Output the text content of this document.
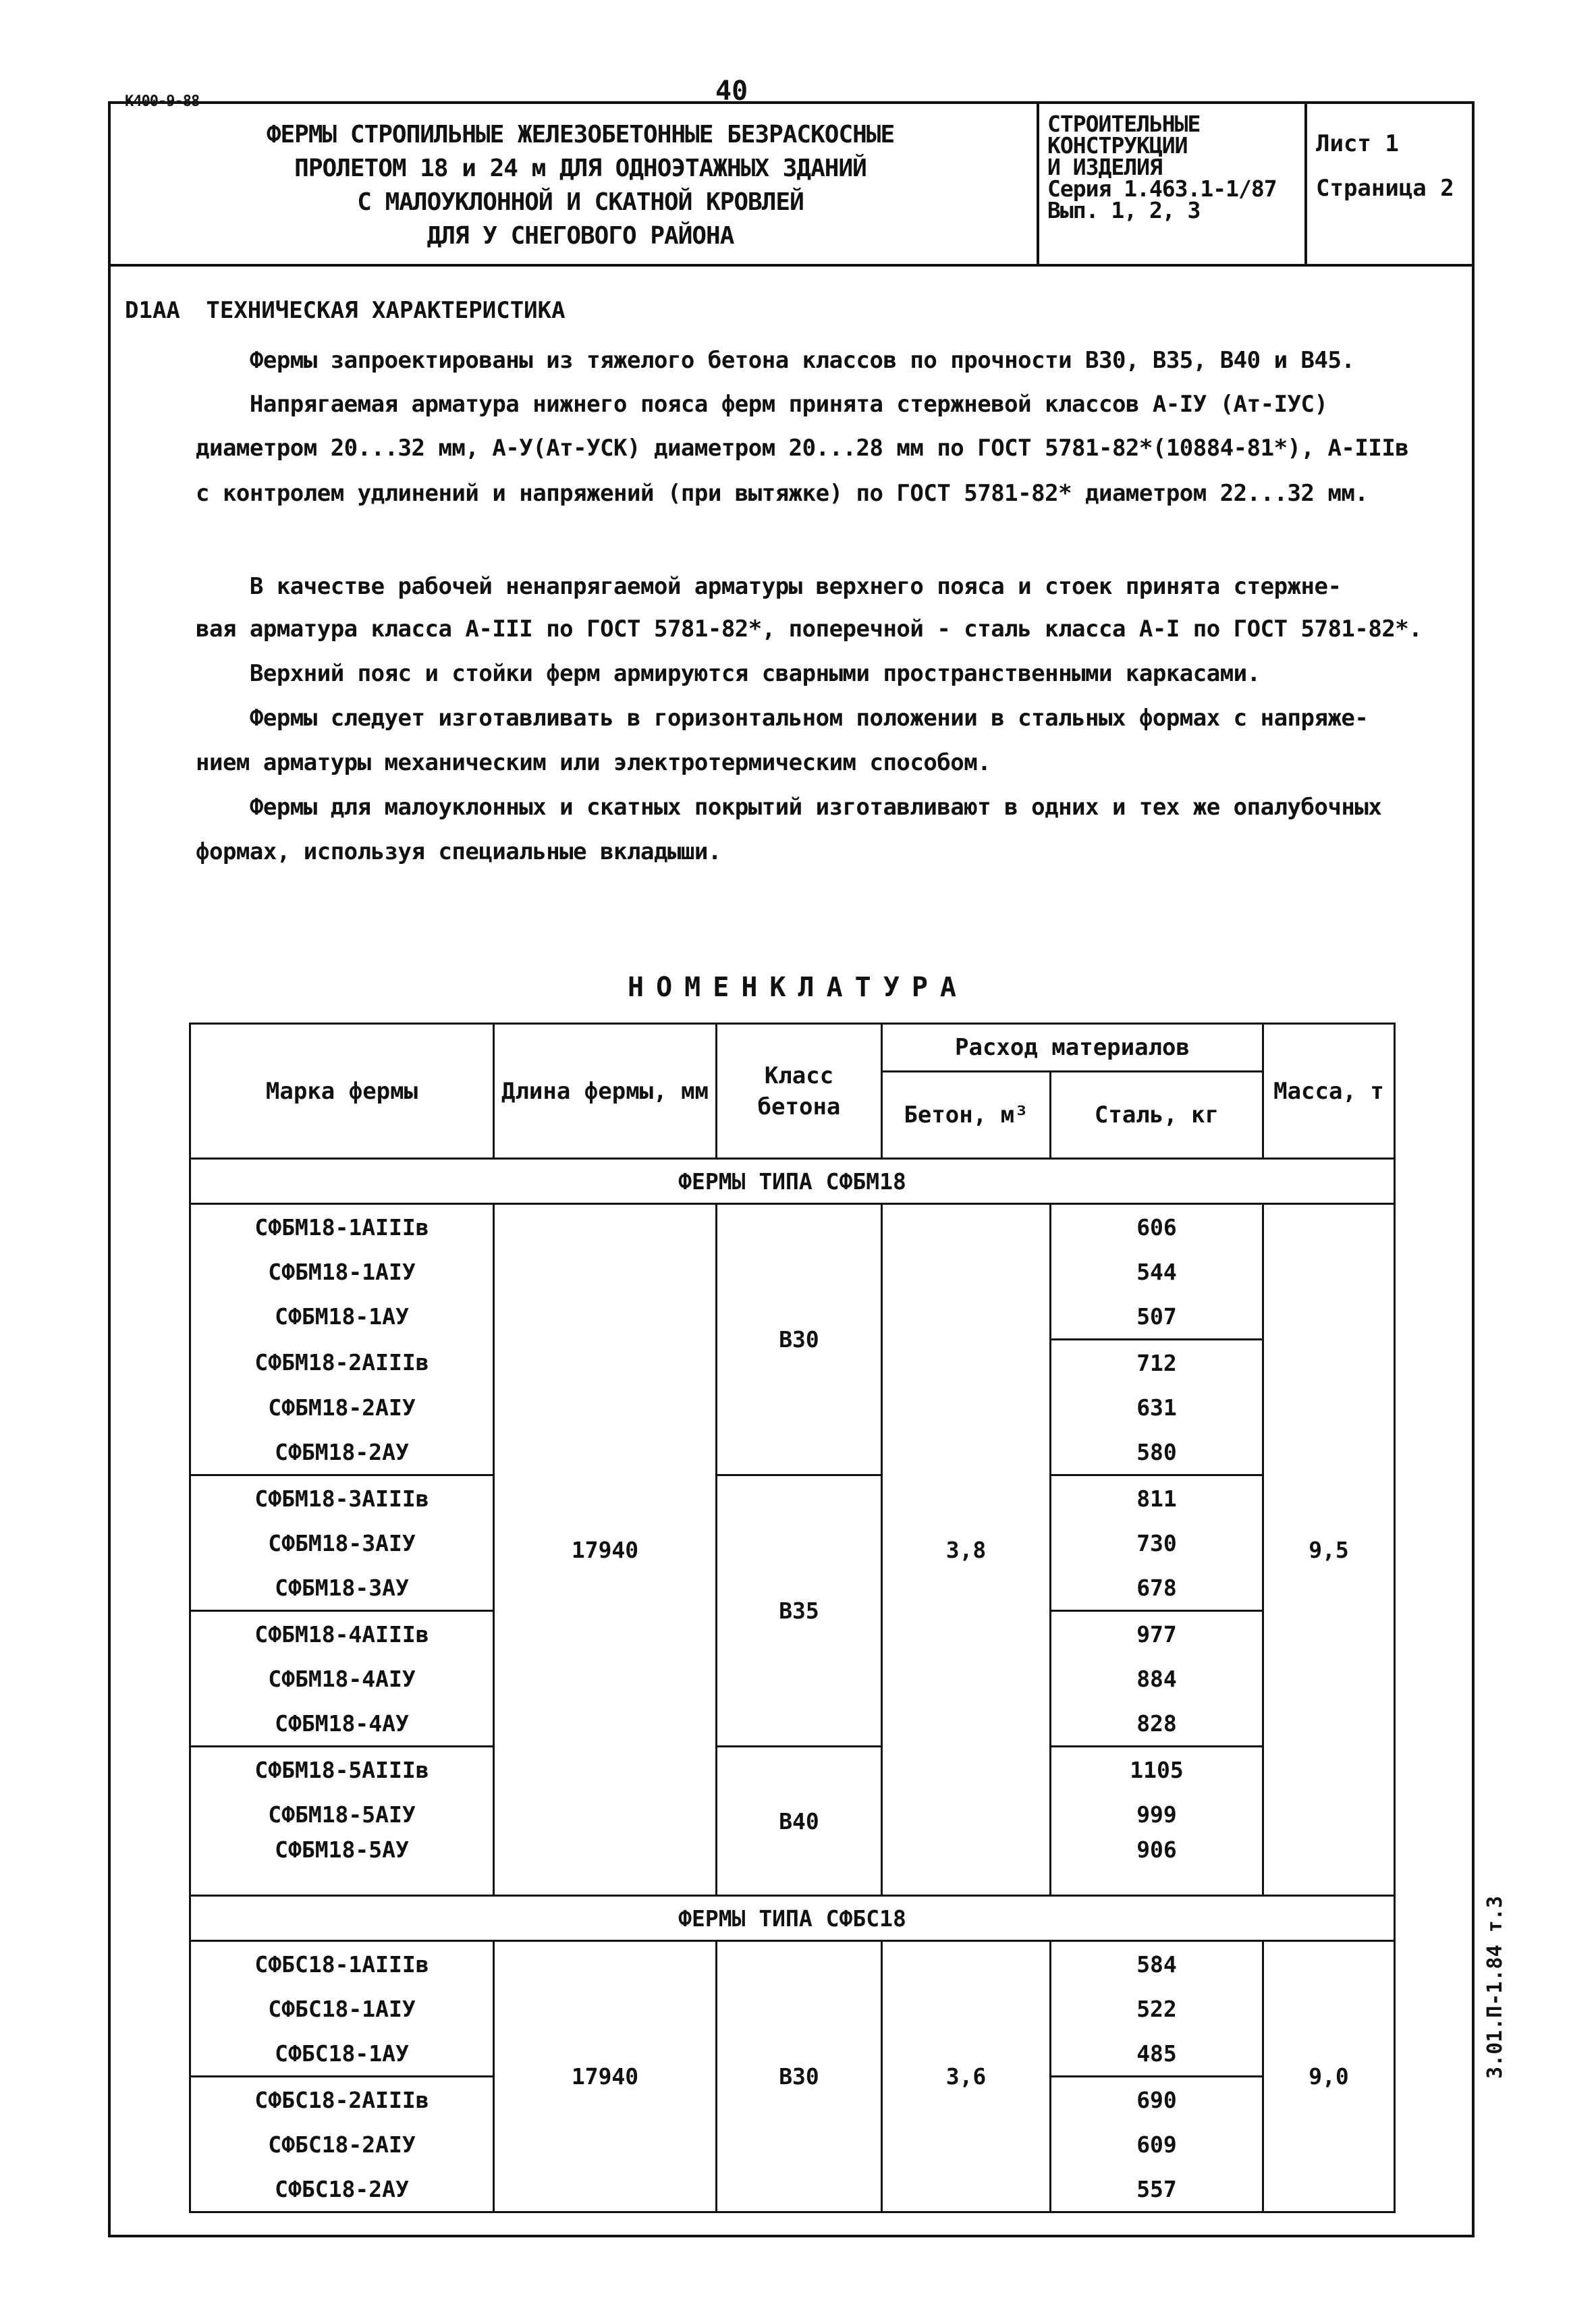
К400-9-88	40
ФЕРМЫ СТРОПИЛЬНЫЕ ЖЕЛЕЗОБЕТОННЫЕ БЕЗРАСКОСНЫЕ
ПРОЛЕТОМ 18 и 24 м ДЛЯ ОДНОЭТАЖНЫХ ЗДАНИЙ
С МАЛОУКЛОННОЙ И СКАТНОЙ КРОВЛЕЙ
ДЛЯ У СНЕГОВОГО РАЙОНА
СТРОИТЕЛЬНЫЕ
КОНСТРУКЦИИ
И ИЗДЕЛИЯ
Серия 1.463.1-1/87
Вып. 1, 2, 3
Лист 1
Страница 2
D1AA ТЕХНИЧЕСКАЯ ХАРАКТЕРИСТИКА
Фермы запроектированы из тяжелого бетона классов по прочности В30, В35, В40 и В45.
Напрягаемая арматура нижнего пояса ферм принята стержневой классов А-IУ (Ат-IУС)
диаметром 20...32 мм, А-У(Ат-УСК) диаметром 20...28 мм по ГОСТ 5781-82*(10884-81*), А-IIIв
с контролем удлинений и напряжений (при вытяжке) по ГОСТ 5781-82* диаметром 22...32 мм.
В качестве рабочей ненапрягаемой арматуры верхнего пояса и стоек принята стержне-
вая арматура класса А-III по ГОСТ 5781-82*, поперечной - сталь класса А-I по ГОСТ 5781-82*.
Верхний пояс и стойки ферм армируются сварными пространственными каркасами.
Фермы следует изготавливать в горизонтальном положении в стальных формах с напряже-
нием арматуры механическим или электротермическим способом.
Фермы для малоуклонных и скатных покрытий изготавливают в одних и тех же опалубочных
формах, используя специальные вкладыши.
НОМЕНКЛАТУРА
Марка фермы	Длина фермы, мм	Класс бетона	Расход материалов		Масса, т
			Бетон, м³	Сталь, кг	
ФЕРМЫ ТИПА СФБМ18					
СФБМ18-1АIIIв	17940	В30	3,8	606	9,5
СФБМ18-1АIУ				544	
СФБМ18-1АУ				507	
СФБМ18-2АIIIв				712	
СФБМ18-2АIУ				631	
СФБМ18-2АУ				580	
СФБМ18-3АIIIв		В35		811	
СФБМ18-3АIУ				730	
СФБМ18-3АУ				678	
СФБМ18-4АIIIв				977	
СФБМ18-4АIУ				884	
СФБМ18-4АУ				828	
СФБМ18-5АIIIв		В40		1105	
СФБМ18-5АIУ				999	
СФБМ18-5АУ				906	
ФЕРМЫ ТИПА СФБС18					
СФБС18-1АIIIв	17940	В30	3,6	584	9,0
СФБС18-1АIУ				522	
СФБС18-1АУ				485	
СФБС18-2АIIIв				690	
СФБС18-2АIУ				609	
СФБС18-2АУ				557	
3.01.П-1.84 т.3
